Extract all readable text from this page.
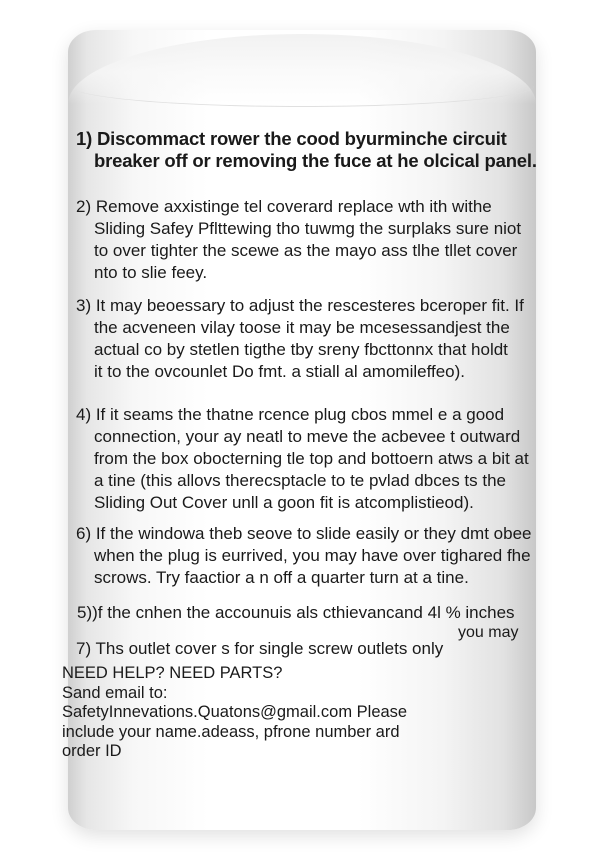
1) Discommact rower the cood byurminche circuit
breaker off or removing the fuce at he olcical panel.
2) Remove axxistinge tel coverard replace wth ith withe
Sliding Safey Pflttewing tho tuwmg the surplaks sure niot
to over tighter the scewe as the mayo ass tlhe tllet cover
nto to slie feey.
3) It may beoessary to adjust the rescesteres bceroper fit. If
the acveneen vilay toose it may be mcesessandjest the
actual co by stetlen tigthe tby sreny fbcttonnx that holdt
it to the ovcounlet Do fmt. a stiall al amomileffeo).
4) If it seams the thatne rcence plug cbos mmel e a good
connection, your ay neatl to meve the acbevee t outward
from the box obocterning tle top and bottoern atws a bit at
a tine (this allovs therecsptacle to te pvlad dbces ts the
Sliding Out Cover unll a goon fit is atcomplistieod).
6) If the windowa theb seove to slide easily or they dmt obee
when the plug is eurrived, you may have over tighared fhe
scrows. Try faactior a n off a quarter turn at a tine.
5))f the cnhen the accounuis als cthievancand 4l % inches
you may
7) Ths outlet cover s for single screw outlets only
NEED HELP? NEED PARTS?
Sand email to:
SafetyInnevations.Quatons@gmail.com Please
include your name.adeass, pfrone number ard
order ID
